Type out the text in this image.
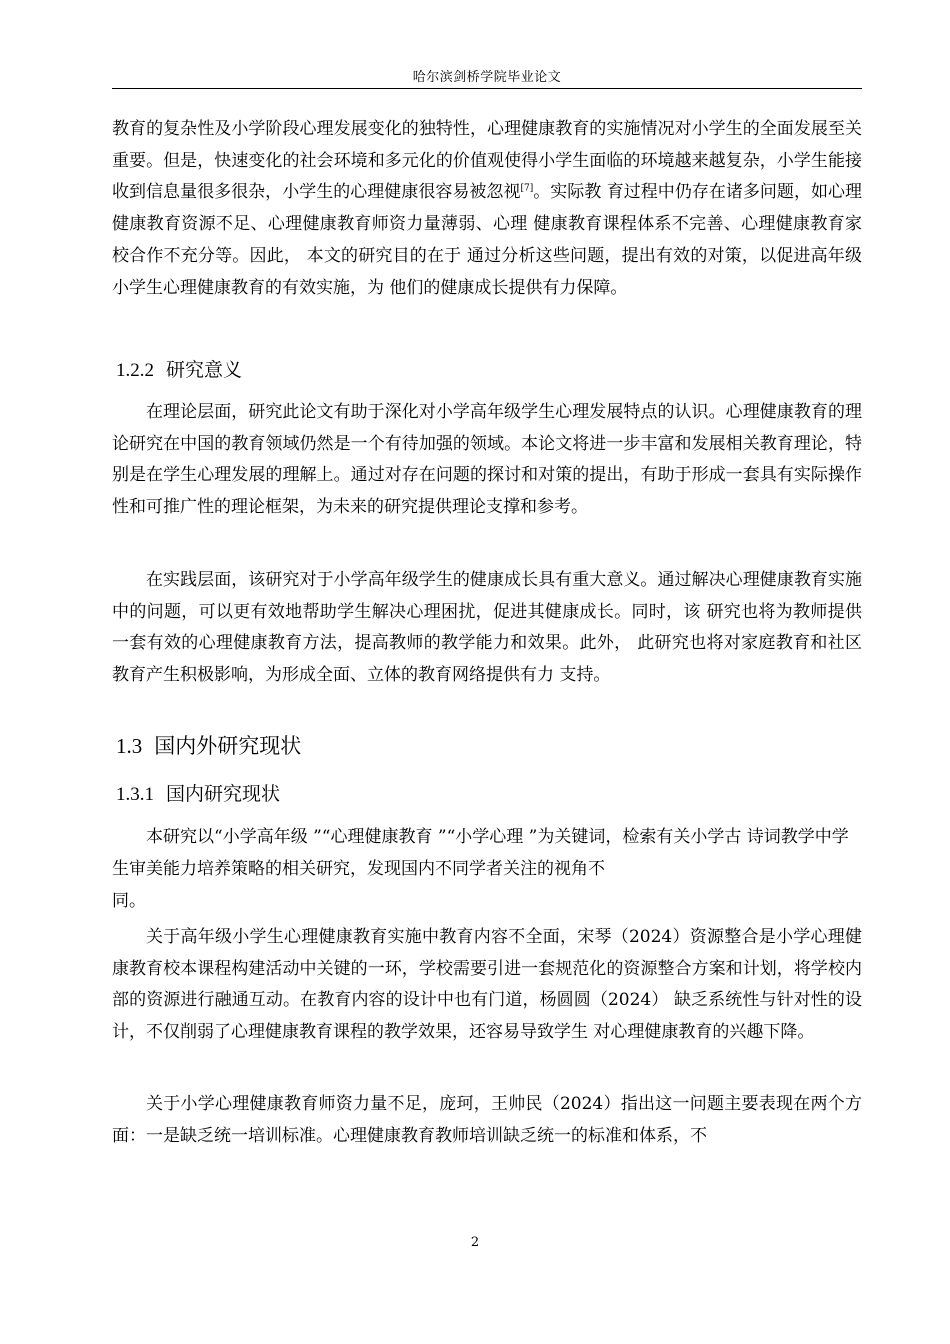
哈尔滨剑桥学院毕业论文

教育的复杂性及小学阶段心理发展变化的独特性，心理健康教育的实施情况对小学生的全面发展至关重要。但是，快速变化的社会环境和多元化的价值观使得小学生面临的环境越来越复杂，小学生能接收到信息量很多很杂，小学生的心理健康很容易被忽视[7]。实际教 育过程中仍存在诸多问题，如心理健康教育资源不足、心理健康教育师资力量薄弱、心理 健康教育课程体系不完善、心理健康教育家校合作不充分等。因此， 本文的研究目的在于 通过分析这些问题，提出有效的对策，以促进高年级小学生心理健康教育的有效实施，为 他们的健康成长提供有力保障。

1.2.2 研究意义

在理论层面，研究此论文有助于深化对小学高年级学生心理发展特点的认识。心理健康教育的理论研究在中国的教育领域仍然是一个有待加强的领域。本论文将进一步丰富和发展相关教育理论，特别是在学生心理发展的理解上。通过对存在问题的探讨和对策的提出，有助于形成一套具有实际操作性和可推广性的理论框架，为未来的研究提供理论支撑和参考。

在实践层面，该研究对于小学高年级学生的健康成长具有重大意义。通过解决心理健康教育实施中的问题，可以更有效地帮助学生解决心理困扰，促进其健康成长。同时，该 研究也将为教师提供一套有效的心理健康教育方法，提高教师的教学能力和效果。此外， 此研究也将对家庭教育和社区教育产生积极影响，为形成全面、立体的教育网络提供有力 支持。

1.3 国内外研究现状
1.3.1 国内研究现状

本研究以“小学高年级 ”“心理健康教育 ”“小学心理 ”为关键词，检索有关小学古 诗词教学中学生审美能力培养策略的相关研究，发现国内不同学者关注的视角不

同。

关于高年级小学生心理健康教育实施中教育内容不全面，宋琴（2024）资源整合是小学心理健康教育校本课程构建活动中关键的一环，学校需要引进一套规范化的资源整合方案和计划，将学校内部的资源进行融通互动。在教育内容的设计中也有门道，杨圆圆（2024） 缺乏系统性与针对性的设计，不仅削弱了心理健康教育课程的教学效果，还容易导致学生 对心理健康教育的兴趣下降。

关于小学心理健康教育师资力量不足，庞珂，王帅民（2024）指出这一问题主要表现在两个方面：一是缺乏统一培训标准。心理健康教育教师培训缺乏统一的标准和体系，不

2
